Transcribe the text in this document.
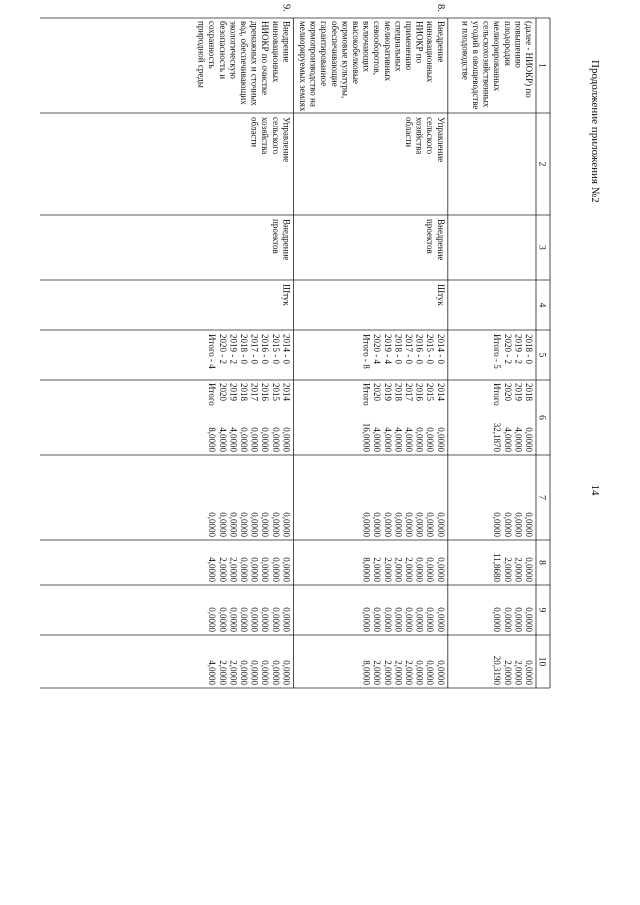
14
Продолжение приложения №2
1
2
3
4
5
6
7
8
9
10
(далее - НИОКР) по
повышению
плодородия
мелиорированных
сельскохозяйственных
угодий в овощеводстве
и плодоводстве
2018 - 0
2019 - 2
2020 - 2
Итого - 5
2018
2019
2020
Итого
0,0000
4,0000
4,0000
32,1870
0,0000
0,0000
0,0000
0,0000
0,0000
2,0000
2,0000
11,8680
0,0000
0,0000
0,0000
0,0000
0,0000
2,0000
2,0000
20,3190
8.
Внедрение
инновационных
НИОКР по
применению
специальных
мелиоративных
севооборотов,
включающих
высокобелковые
кормовые культуры,
обеспечивающие
гарантированное
кормопроизводство на
мелиорируемых землях
Управление
сельского
хозяйства
области
Внедрение
проектов
Штук
2014 - 0
2015 - 0
2016 - 0
2017 - 0
2018 - 0
2019 - 4
2020 - 4
Итого - 8
2014
2015
2016
2017
2018
2019
2020
Итого
0,0000
0,0000
0,0000
4,0000
4,0000
4,0000
4,0000
16,0000
0,0000
0,0000
0,0000
0,0000
0,0000
0,0000
0,0000
0,0000
0,0000
0,0000
0,0000
2,0000
2,0000
2,0000
2,0000
8,0000
0,0000
0,0000
0,0000
0,0000
0,0000
0,0000
0,0000
0,0000
0,0000
0,0000
0,0000
2,0000
2,0000
2,0000
2,0000
8,0000
9.
Внедрение
инновационных
НИОКР по очистке
дренажных и сточных
вод, обеспечивающих
экологическую
безопасность и
сохранность
природной среды
Управление
сельского
хозяйства
области
Внедрение
проектов
Штук
2014 - 0
2015 - 0
2016 - 0
2017 - 0
2018 - 0
2019 - 2
2020 - 2
Итого - 4
2014
2015
2016
2017
2018
2019
2020
Итого
0,0000
0,0000
0,0000
0,0000
0,0000
4,0000
4,0000
8,0000
0,0000
0,0000
0,0000
0,0000
0,0000
0,0000
0,0000
0,0000
0,0000
0,0000
0,0000
0,0000
0,0000
2,0000
2,0000
4,0000
0,0000
0,0000
0,0000
0,0000
0,0000
0,0000
0,0000
0,0000
0,0000
0,0000
0,0000
0,0000
0,0000
2,0000
2,0000
4,0000
